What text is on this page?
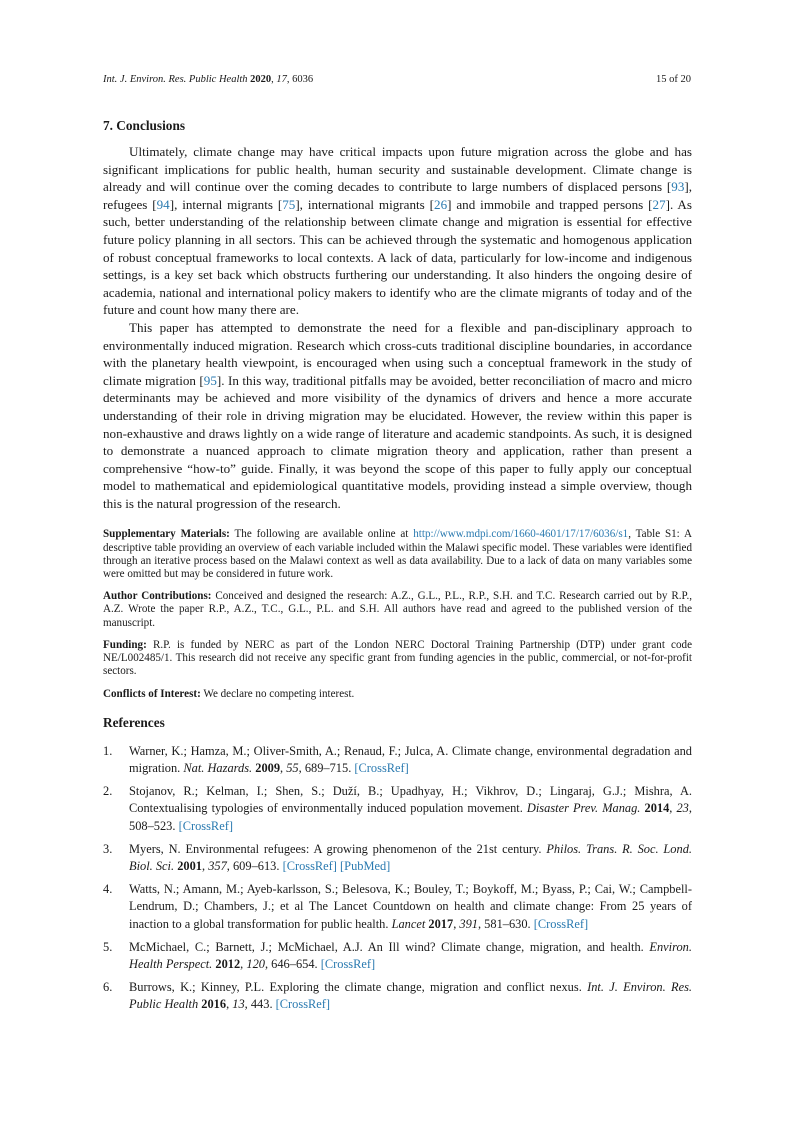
Int. J. Environ. Res. Public Health 2020, 17, 6036	15 of 20
7. Conclusions

Ultimately, climate change may have critical impacts upon future migration across the globe and has significant implications for public health, human security and sustainable development. Climate change is already and will continue over the coming decades to contribute to large numbers of displaced persons [93], refugees [94], internal migrants [75], international migrants [26] and immobile and trapped persons [27]. As such, better understanding of the relationship between climate change and migration is essential for effective future policy planning in all sectors. This can be achieved through the systematic and homogenous application of robust conceptual frameworks to local contexts. A lack of data, particularly for low-income and indigenous settings, is a key set back which obstructs furthering our understanding. It also hinders the ongoing desire of academia, national and international policy makers to identify who are the climate migrants of today and of the future and count how many there are.

This paper has attempted to demonstrate the need for a flexible and pan-disciplinary approach to environmentally induced migration. Research which cross-cuts traditional discipline boundaries, in accordance with the planetary health viewpoint, is encouraged when using such a conceptual framework in the study of climate migration [95]. In this way, traditional pitfalls may be avoided, better reconciliation of macro and micro determinants may be achieved and more visibility of the dynamics of drivers and hence a more accurate understanding of their role in driving migration may be elucidated. However, the review within this paper is non-exhaustive and draws lightly on a wide range of literature and academic standpoints. As such, it is designed to demonstrate a nuanced approach to climate migration theory and application, rather than present a comprehensive “how-to” guide. Finally, it was beyond the scope of this paper to fully apply our conceptual model to mathematical and epidemiological quantitative models, providing instead a simple overview, though this is the natural progression of the research.

Supplementary Materials: The following are available online at http://www.mdpi.com/1660-4601/17/17/6036/s1, Table S1: A descriptive table providing an overview of each variable included within the Malawi specific model. These variables were identified through an iterative process based on the Malawi context as well as data availability. Due to a lack of data on many variables some were omitted but may be considered in future work.

Author Contributions: Conceived and designed the research: A.Z., G.L., P.L., R.P., S.H. and T.C. Research carried out by R.P., A.Z. Wrote the paper R.P., A.Z., T.C., G.L., P.L. and S.H. All authors have read and agreed to the published version of the manuscript.

Funding: R.P. is funded by NERC as part of the London NERC Doctoral Training Partnership (DTP) under grant code NE/L002485/1. This research did not receive any specific grant from funding agencies in the public, commercial, or not-for-profit sectors.

Conflicts of Interest: We declare no competing interest.

References
1.	Warner, K.; Hamza, M.; Oliver-Smith, A.; Renaud, F.; Julca, A. Climate change, environmental degradation and migration. Nat. Hazards. 2009, 55, 689–715. [CrossRef]
2.	Stojanov, R.; Kelman, I.; Shen, S.; Duží, B.; Upadhyay, H.; Vikhrov, D.; Lingaraj, G.J.; Mishra, A. Contextualising typologies of environmentally induced population movement. Disaster Prev. Manag. 2014, 23, 508–523. [CrossRef]
3.	Myers, N. Environmental refugees: A growing phenomenon of the 21st century. Philos. Trans. R. Soc. Lond. Biol. Sci. 2001, 357, 609–613. [CrossRef] [PubMed]
4.	Watts, N.; Amann, M.; Ayeb-karlsson, S.; Belesova, K.; Bouley, T.; Boykoff, M.; Byass, P.; Cai, W.; Campbell-Lendrum, D.; Chambers, J.; et al The Lancet Countdown on health and climate change: From 25 years of inaction to a global transformation for public health. Lancet 2017, 391, 581–630. [CrossRef]
5.	McMichael, C.; Barnett, J.; McMichael, A.J. An Ill wind? Climate change, migration, and health. Environ. Health Perspect. 2012, 120, 646–654. [CrossRef]
6.	Burrows, K.; Kinney, P.L. Exploring the climate change, migration and conflict nexus. Int. J. Environ. Res. Public Health 2016, 13, 443. [CrossRef]
